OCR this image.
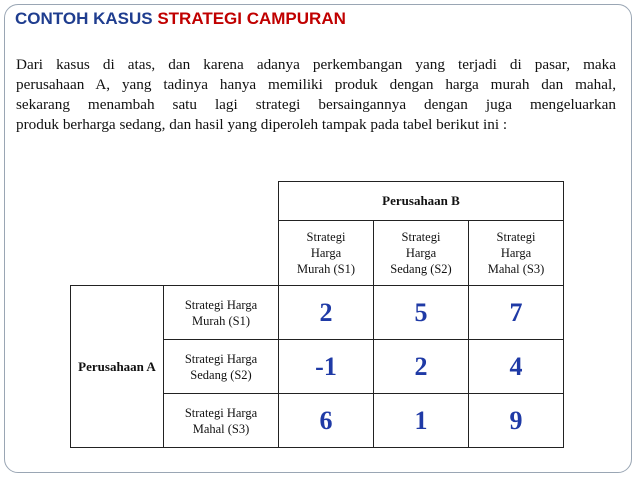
CONTOH KASUS STRATEGI CAMPURAN
Dari kasus di atas, dan karena adanya perkembangan yang terjadi di pasar, maka
perusahaan A, yang tadinya hanya memiliki produk dengan harga murah dan mahal,
sekarang menambah satu lagi strategi bersaingannya dengan juga mengeluarkan
produk berharga sedang, dan hasil yang diperoleh tampak pada tabel berikut ini :
		Perusahaan B		
		Strategi
Harga
Murah (S1)	Strategi
Harga
Sedang (S2)	Strategi
Harga
Mahal (S3)
Perusahaan A	Strategi Harga
Murah (S1)	2	5	7
	Strategi Harga
Sedang (S2)	-1	2	4
	Strategi Harga
Mahal (S3)	6	1	9
